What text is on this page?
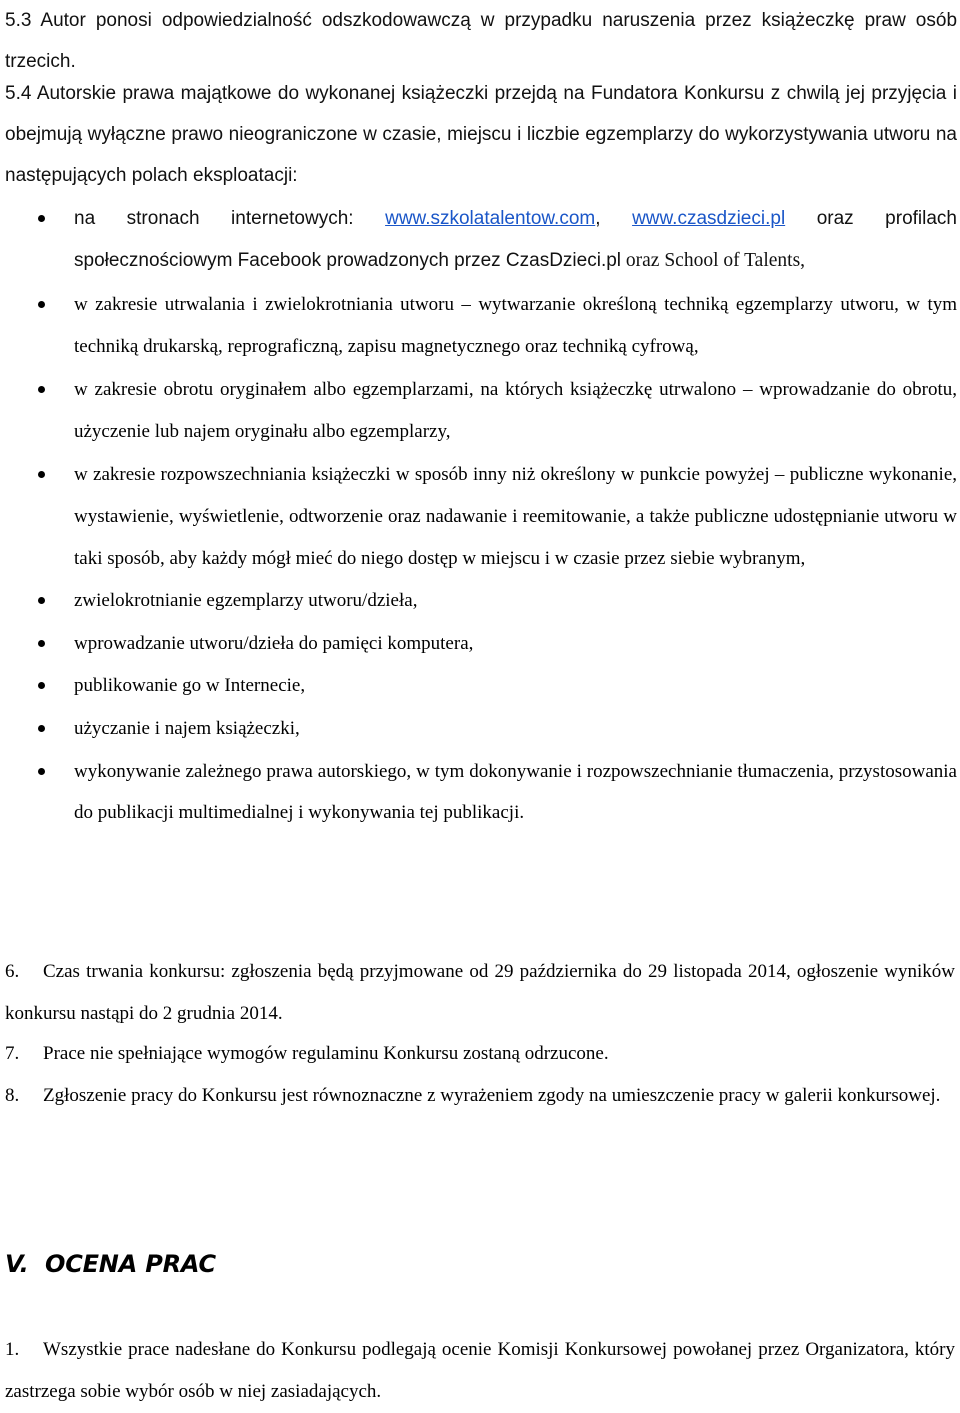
5.3 Autor ponosi odpowiedzialność odszkodowawczą w przypadku naruszenia przez książeczkę praw osób trzecich.

5.4 Autorskie prawa majątkowe do wykonanej książeczki przejdą na Fundatora Konkursu z chwilą jej przyjęcia i obejmują wyłączne prawo nieograniczone w czasie, miejscu i liczbie egzemplarzy do wykorzystywania utworu na następujących polach eksploatacji:

na stronach internetowych: www.szkolatalentow.com, www.czasdzieci.pl oraz profilach społecznościowym Facebook prowadzonych przez CzasDzieci.pl oraz School of Talents,
w zakresie utrwalania i zwielokrotniania utworu – wytwarzanie określoną techniką egzemplarzy utworu, w tym techniką drukarską, reprograficzną, zapisu magnetycznego oraz techniką cyfrową,
w zakresie obrotu oryginałem albo egzemplarzami, na których książeczkę utrwalono – wprowadzanie do obrotu, użyczenie lub najem oryginału albo egzemplarzy,
w zakresie rozpowszechniania książeczki w sposób inny niż określony w punkcie powyżej – publiczne wykonanie, wystawienie, wyświetlenie, odtworzenie oraz nadawanie i reemitowanie, a także publiczne udostępnianie utworu w taki sposób, aby każdy mógł mieć do niego dostęp w miejscu i w czasie przez siebie wybranym,
zwielokrotnianie egzemplarzy utworu/dzieła,
wprowadzanie utworu/dzieła do pamięci komputera,
publikowanie go w Internecie,
użyczanie i najem książeczki,
wykonywanie zależnego prawa autorskiego, w tym dokonywanie i rozpowszechnianie tłumaczenia, przystosowania do publikacji multimedialnej i wykonywania tej publikacji.

6. Czas trwania konkursu: zgłoszenia będą przyjmowane od 29 października do 29 listopada 2014, ogłoszenie wyników konkursu nastąpi do 2 grudnia 2014.

7. Prace nie spełniające wymogów regulaminu Konkursu zostaną odrzucone.

8. Zgłoszenie pracy do Konkursu jest równoznaczne z wyrażeniem zgody na umieszczenie pracy w galerii konkursowej.

V. OCENA PRAC

1. Wszystkie prace nadesłane do Konkursu podlegają ocenie Komisji Konkursowej powołanej przez Organizatora, który zastrzega sobie wybór osób w niej zasiadających.
